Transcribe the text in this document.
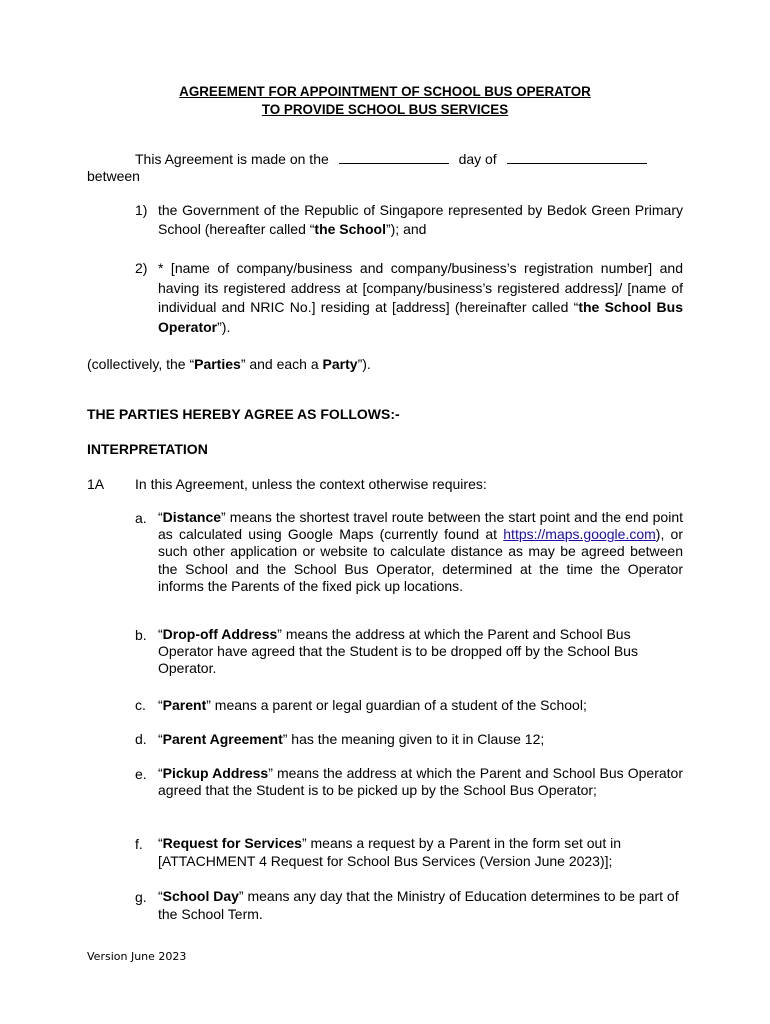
AGREEMENT FOR APPOINTMENT OF SCHOOL BUS OPERATOR
TO PROVIDE SCHOOL BUS SERVICES
This Agreement is made on the	day of
between
1) the Government of the Republic of Singapore represented by Bedok Green Primary School (hereafter called “the School”); and
2) * [name of company/business and company/business’s registration number] and having its registered address at [company/business’s registered address]/ [name of individual and NRIC No.] residing at [address] (hereinafter called “the School Bus Operator”).
(collectively, the “Parties” and each a Party”).
THE PARTIES HEREBY AGREE AS FOLLOWS:-
INTERPRETATION
1A In this Agreement, unless the context otherwise requires:
a. “Distance” means the shortest travel route between the start point and the end point as calculated using Google Maps (currently found at https://maps.google.com), or such other application or website to calculate distance as may be agreed between the School and the School Bus Operator, determined at the time the Operator informs the Parents of the fixed pick up locations.
b. “Drop-off Address” means the address at which the Parent and School Bus Operator have agreed that the Student is to be dropped off by the School Bus Operator.
c. “Parent” means a parent or legal guardian of a student of the School;
d. “Parent Agreement” has the meaning given to it in Clause 12;
e. “Pickup Address” means the address at which the Parent and School Bus Operator agreed that the Student is to be picked up by the School Bus Operator;
f. “Request for Services” means a request by a Parent in the form set out in [ATTACHMENT 4 Request for School Bus Services (Version June 2023)];
g. “School Day” means any day that the Ministry of Education determines to be part of the School Term.
Version June 2023
